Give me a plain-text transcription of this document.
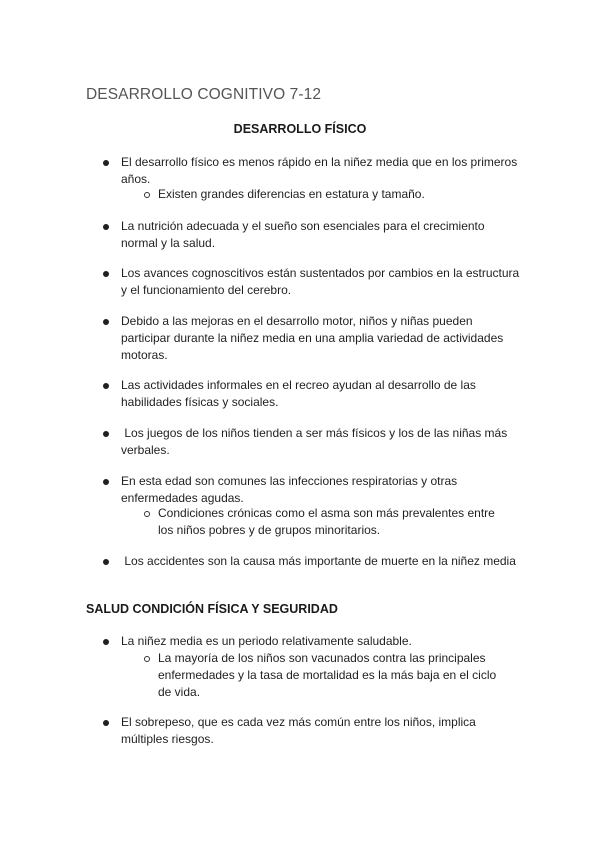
DESARROLLO COGNITIVO 7-12
DESARROLLO FÍSICO
El desarrollo físico es menos rápido en la niñez media que en los primeros años.
Existen grandes diferencias en estatura y tamaño.
La nutrición adecuada y el sueño son esenciales para el crecimiento normal y la salud.
Los avances cognoscitivos están sustentados por cambios en la estructura y el funcionamiento del cerebro.
Debido a las mejoras en el desarrollo motor, niños y niñas pueden participar durante la niñez media en una amplia variedad de actividades motoras.
Las actividades informales en el recreo ayudan al desarrollo de las habilidades físicas y sociales.
Los juegos de los niños tienden a ser más físicos y los de las niñas más verbales.
En esta edad son comunes las infecciones respiratorias y otras enfermedades agudas.
Condiciones crónicas como el asma son más prevalentes entre los niños pobres y de grupos minoritarios.
Los accidentes son la causa más importante de muerte en la niñez media
SALUD CONDICIÓN FÍSICA Y SEGURIDAD
La niñez media es un periodo relativamente saludable.
La mayoría de los niños son vacunados contra las principales enfermedades y la tasa de mortalidad es la más baja en el ciclo de vida.
El sobrepeso, que es cada vez más común entre los niños, implica múltiples riesgos.
